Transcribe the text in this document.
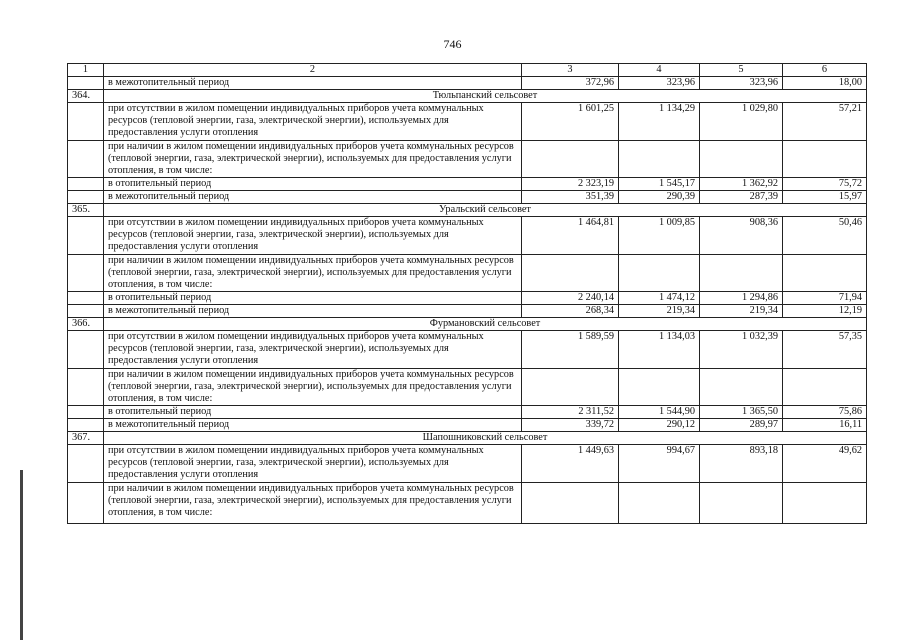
746
1	2	3	4	5	6
	в межотопительный период	372,96	323,96	323,96	18,00
364.	Тюльпанский сельсовет				
	при отсутствии в жилом помещении индивидуальных приборов учета коммунальных ресурсов (тепловой энергии, газа, электрической энергии), используемых для предоставления услуги отопления	1 601,25	1 134,29	1 029,80	57,21
	при наличии в жилом помещении индивидуальных приборов учета коммунальных ресурсов (тепловой энергии, газа, электрической энергии), используемых для предоставления услуги отопления, в том числе:				
	в отопительный период	2 323,19	1 545,17	1 362,92	75,72
	в межотопительный период	351,39	290,39	287,39	15,97
365.	Уральский сельсовет				
	при отсутствии в жилом помещении индивидуальных приборов учета коммунальных ресурсов (тепловой энергии, газа, электрической энергии), используемых для предоставления услуги отопления	1 464,81	1 009,85	908,36	50,46
	при наличии в жилом помещении индивидуальных приборов учета коммунальных ресурсов (тепловой энергии, газа, электрической энергии), используемых для предоставления услуги отопления, в том числе:				
	в отопительный период	2 240,14	1 474,12	1 294,86	71,94
	в межотопительный период	268,34	219,34	219,34	12,19
366.	Фурмановский сельсовет				
	при отсутствии в жилом помещении индивидуальных приборов учета коммунальных ресурсов (тепловой энергии, газа, электрической энергии), используемых для предоставления услуги отопления	1 589,59	1 134,03	1 032,39	57,35
	при наличии в жилом помещении индивидуальных приборов учета коммунальных ресурсов (тепловой энергии, газа, электрической энергии), используемых для предоставления услуги отопления, в том числе:				
	в отопительный период	2 311,52	1 544,90	1 365,50	75,86
	в межотопительный период	339,72	290,12	289,97	16,11
367.	Шапошниковский сельсовет				
	при отсутствии в жилом помещении индивидуальных приборов учета коммунальных ресурсов (тепловой энергии, газа, электрической энергии), используемых для предоставления услуги отопления	1 449,63	994,67	893,18	49,62
	при наличии в жилом помещении индивидуальных приборов учета коммунальных ресурсов (тепловой энергии, газа, электрической энергии), используемых для предоставления услуги отопления, в том числе:				
